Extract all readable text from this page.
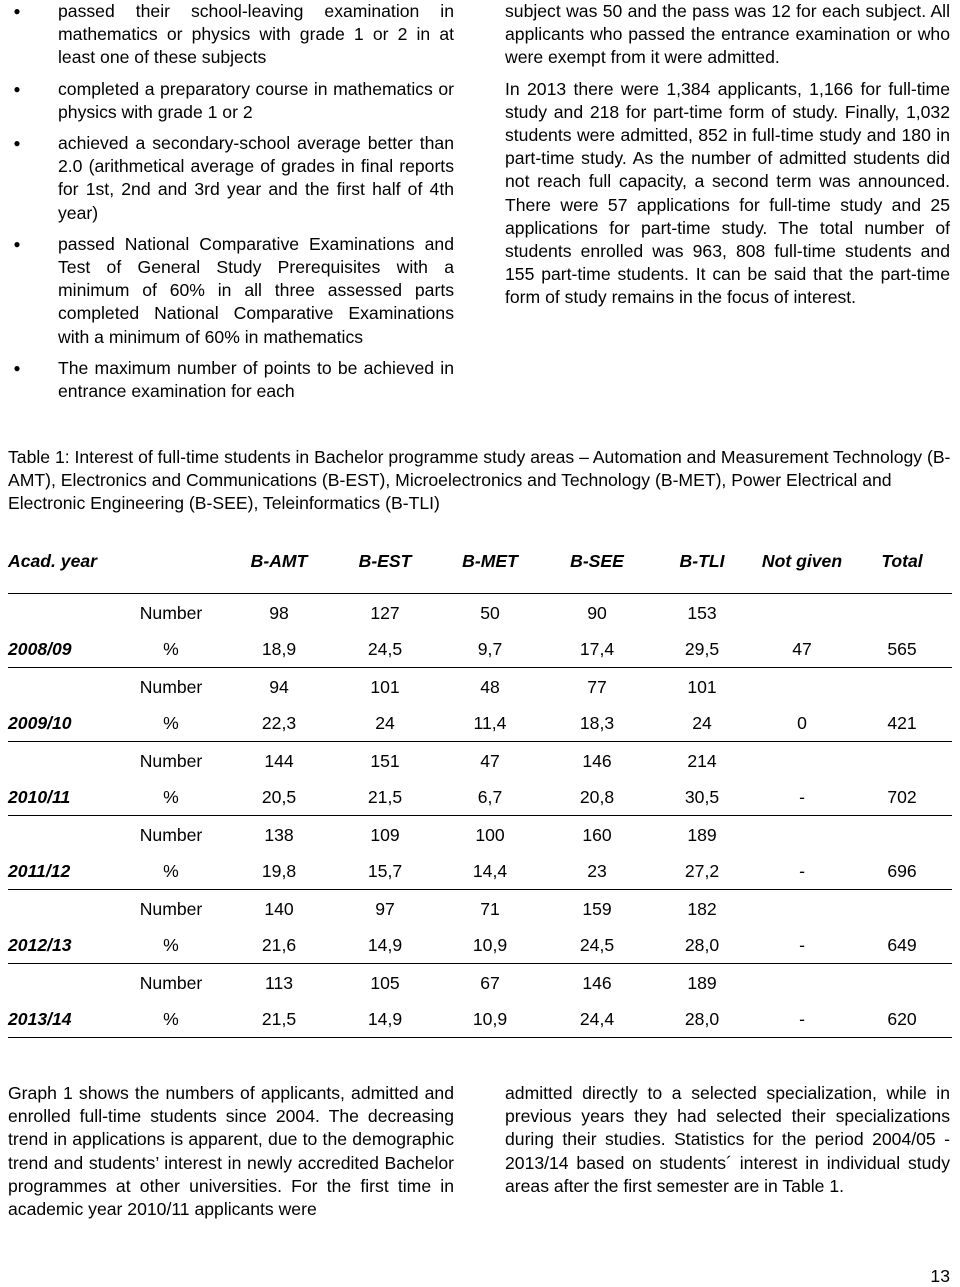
●	passed their school-leaving examination in mathematics or physics with grade 1 or 2 in at least one of these subjects
●	completed a preparatory course in mathematics or physics with grade 1 or 2
●	achieved a secondary-school average better than 2.0 (arithmetical average of grades in final reports for 1st, 2nd and 3rd year and the first half of 4th year)
●	passed National Comparative Examinations and Test of General Study Prerequisites with a minimum of 60% in all three assessed parts completed National Comparative Examinations with a minimum of 60% in mathematics
●	The maximum number of points to be achieved in entrance examination for each

subject was 50 and the pass was 12 for each subject. All applicants who passed the entrance examination or who were exempt from it were admitted.

In 2013 there were 1,384 applicants, 1,166 for full-time study and 218 for part-time form of study. Finally, 1,032 students were admitted, 852 in full-time study and 180 in part-time study. As the number of admitted students did not reach full capacity, a second term was announced. There were 57 applications for full-time study and 25 applications for part-time study. The total number of students enrolled was 963, 808 full-time students and 155 part-time students. It can be said that the part-time form of study remains in the focus of interest.

Table 1: Interest of full-time students in Bachelor programme study areas – Automation and Measurement Technology (B-AMT), Electronics and Communications (B-EST), Microelectronics and Technology (B-MET), Power Electrical and Electronic Engineering (B-SEE), Teleinformatics (B-TLI)
Acad. year		B-AMT	B-EST	B-MET	B-SEE	B-TLI	Not given	Total
	Number	98	127	50	90	153		
2008/09	%	18,9	24,5	9,7	17,4	29,5	47	565
	Number	94	101	48	77	101		
2009/10	%	22,3	24	11,4	18,3	24	0	421
	Number	144	151	47	146	214		
2010/11	%	20,5	21,5	6,7	20,8	30,5	-	702
	Number	138	109	100	160	189		
2011/12	%	19,8	15,7	14,4	23	27,2	-	696
	Number	140	97	71	159	182		
2012/13	%	21,6	14,9	10,9	24,5	28,0	-	649
	Number	113	105	67	146	189		
2013/14	%	21,5	14,9	10,9	24,4	28,0	-	620
Graph 1 shows the numbers of applicants, admitted and enrolled full-time students since 2004. The decreasing trend in applications is apparent, due to the demographic trend and students’ interest in newly accredited Bachelor programmes at other universities. For the first time in academic year 2010/11 applicants were
admitted directly to a selected specialization, while in previous years they had selected their specializations during their studies. Statistics for the period 2004/05 - 2013/14 based on students´ interest in individual study areas after the first semester are in Table 1.
13
